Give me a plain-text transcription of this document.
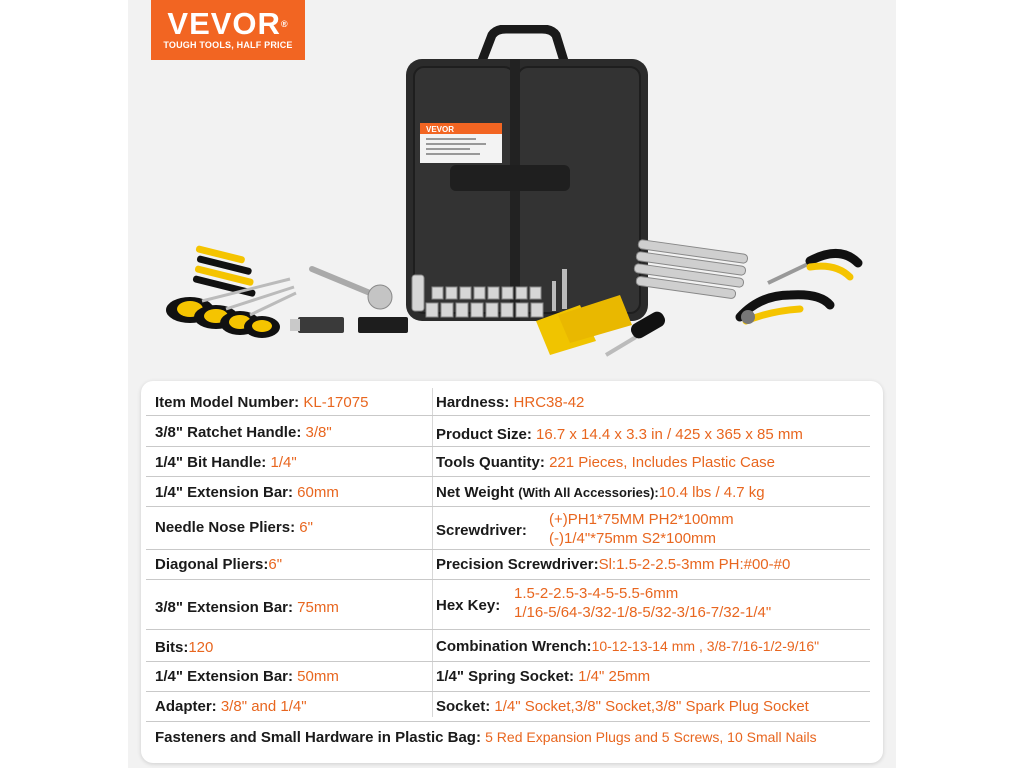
VEVOR®
TOUGH TOOLS, HALF PRICE
VEVOR
Item Model Number: KL-17075	Hardness: HRC38-42
3/8" Ratchet Handle: 3/8"	Product Size: 16.7 x 14.4 x 3.3 in / 425 x 365 x 85 mm
1/4" Bit Handle: 1/4"	Tools Quantity: 221 Pieces, Includes Plastic Case
1/4" Extension Bar: 60mm	Net Weight (With All Accessories):10.4 lbs / 4.7 kg
Needle Nose Pliers: 6"	Screwdriver:
(+)PH1*75MM PH2*100mm
(-)1/4"*75mm S2*100mm
Diagonal Pliers:6"	Precision Screwdriver:Sl:1.5-2-2.5-3mm PH:#00-#0
3/8" Extension Bar: 75mm	Hex Key:
1.5-2-2.5-3-4-5-5.5-6mm
1/16-5/64-3/32-1/8-5/32-3/16-7/32-1/4"
Bits:120	Combination Wrench:10-12-13-14 mm , 3/8-7/16-1/2-9/16"
1/4" Extension Bar: 50mm	1/4" Spring Socket: 1/4" 25mm
Adapter: 3/8" and 1/4"	Socket: 1/4" Socket,3/8" Socket,3/8" Spark Plug Socket
Fasteners and Small Hardware in Plastic Bag: 5 Red Expansion Plugs and 5 Screws, 10 Small Nails
